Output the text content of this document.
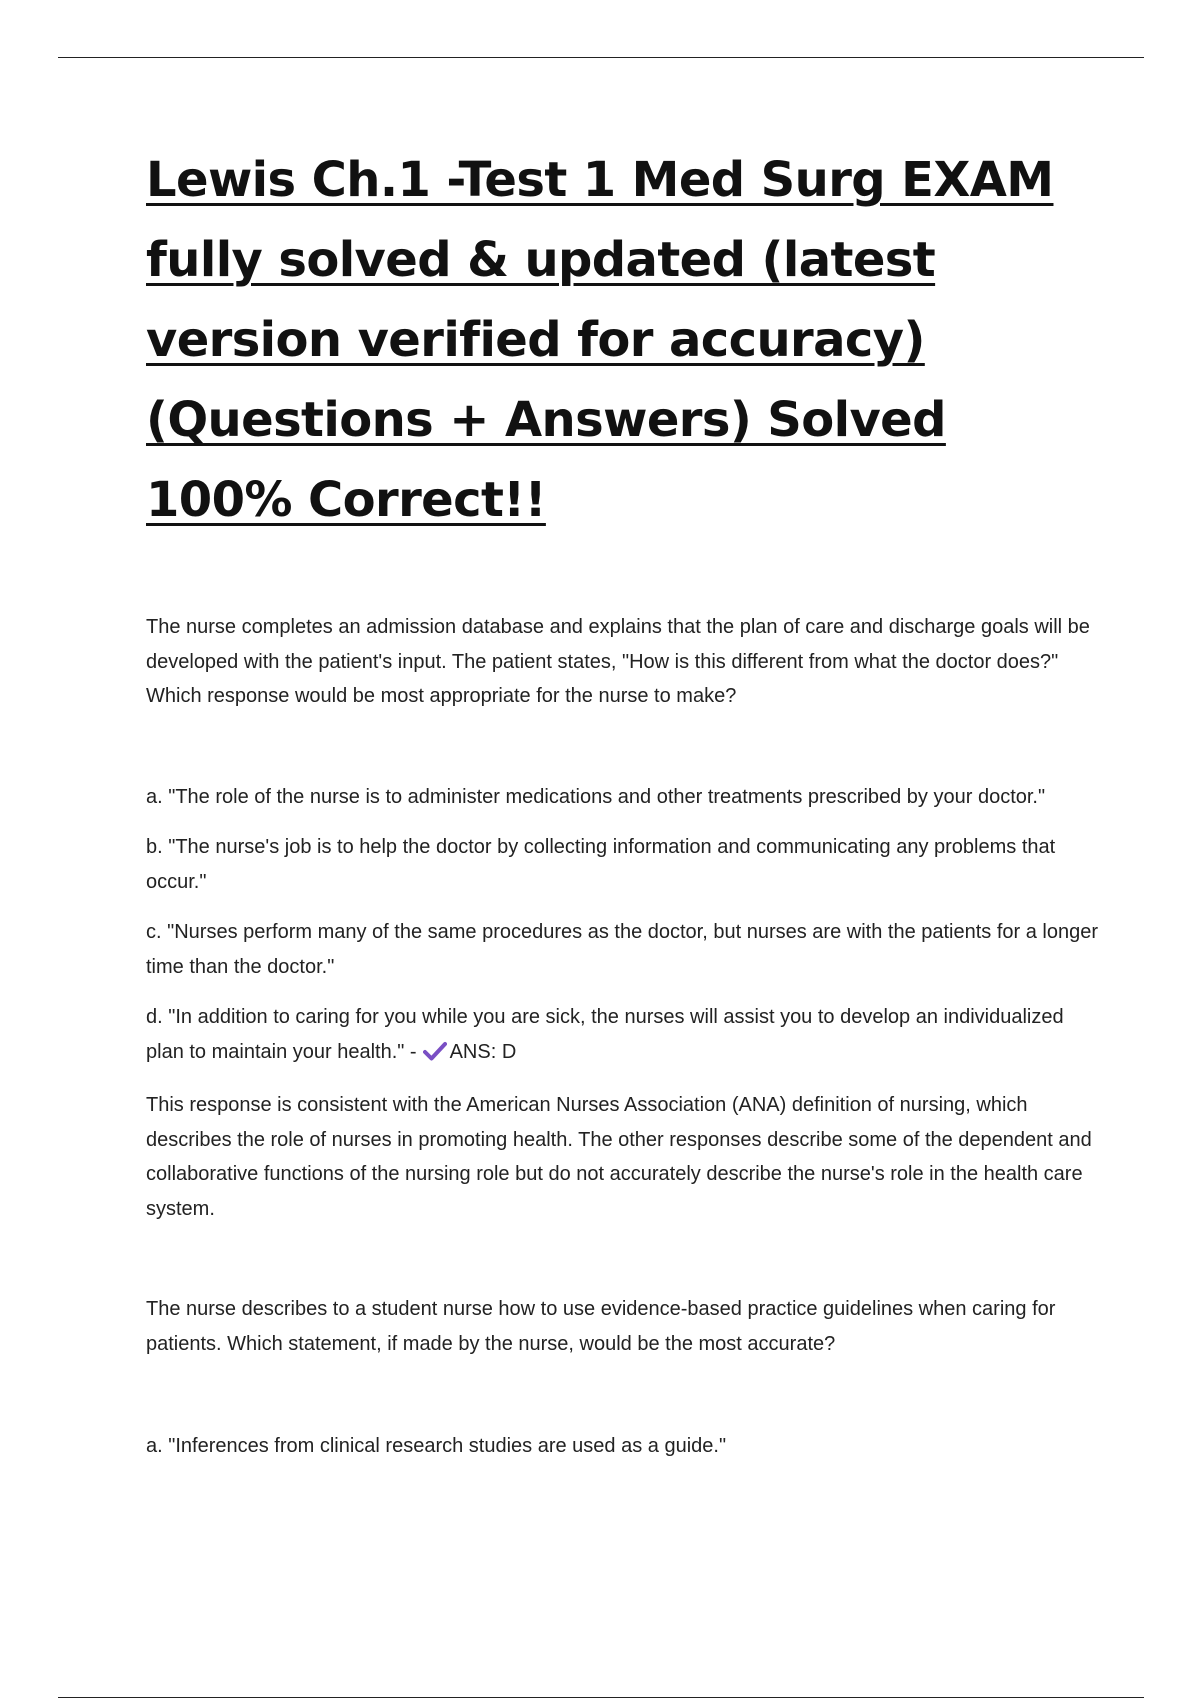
Lewis Ch.1 -Test 1 Med Surg EXAM fully solved & updated (latest version verified for accuracy) (Questions + Answers) Solved 100% Correct!!

The nurse completes an admission database and explains that the plan of care and discharge goals will be developed with the patient's input. The patient states, "How is this different from what the doctor does?" Which response would be most appropriate for the nurse to make?

a. "The role of the nurse is to administer medications and other treatments prescribed by your doctor."

b. "The nurse's job is to help the doctor by collecting information and communicating any problems that occur."

c. "Nurses perform many of the same procedures as the doctor, but nurses are with the patients for a longer time than the doctor."

d. "In addition to caring for you while you are sick, the nurses will assist you to develop an individualized plan to maintain your health." - ANS: D

This response is consistent with the American Nurses Association (ANA) definition of nursing, which describes the role of nurses in promoting health. The other responses describe some of the dependent and collaborative functions of the nursing role but do not accurately describe the nurse's role in the health care system.

The nurse describes to a student nurse how to use evidence-based practice guidelines when caring for patients. Which statement, if made by the nurse, would be the most accurate?

a. "Inferences from clinical research studies are used as a guide."
